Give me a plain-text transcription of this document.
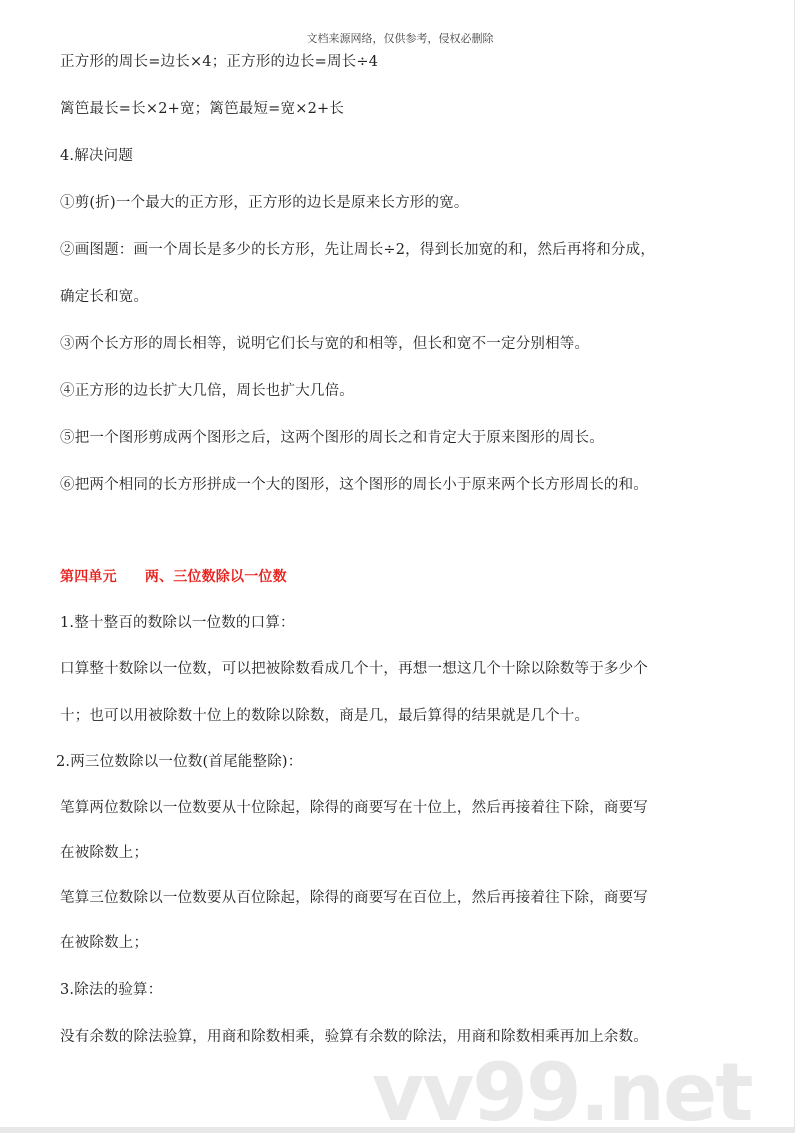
文档来源网络，仅供参考，侵权必删除
vv99.net
正方形的周长=边长×4；正方形的边长=周长÷4
篱笆最长=长×2+宽；篱笆最短=宽×2+长
4.解决问题
①剪(折)一个最大的正方形，正方形的边长是原来长方形的宽。
②画图题：画一个周长是多少的长方形，先让周长÷2，得到长加宽的和，然后再将和分成，
确定长和宽。
③两个长方形的周长相等，说明它们长与宽的和相等，但长和宽不一定分别相等。
④正方形的边长扩大几倍，周长也扩大几倍。
⑤把一个图形剪成两个图形之后，这两个图形的周长之和肯定大于原来图形的周长。
⑥把两个相同的长方形拼成一个大的图形，这个图形的周长小于原来两个长方形周长的和。
第四单元 两、三位数除以一位数
1.整十整百的数除以一位数的口算：
口算整十数除以一位数，可以把被除数看成几个十，再想一想这几个十除以除数等于多少个
十；也可以用被除数十位上的数除以除数，商是几，最后算得的结果就是几个十。
2.两三位数除以一位数(首尾能整除)：
笔算两位数除以一位数要从十位除起，除得的商要写在十位上，然后再接着往下除，商要写
在被除数上；
笔算三位数除以一位数要从百位除起，除得的商要写在百位上，然后再接着往下除，商要写
在被除数上；
3.除法的验算：
没有余数的除法验算，用商和除数相乘，验算有余数的除法，用商和除数相乘再加上余数。
